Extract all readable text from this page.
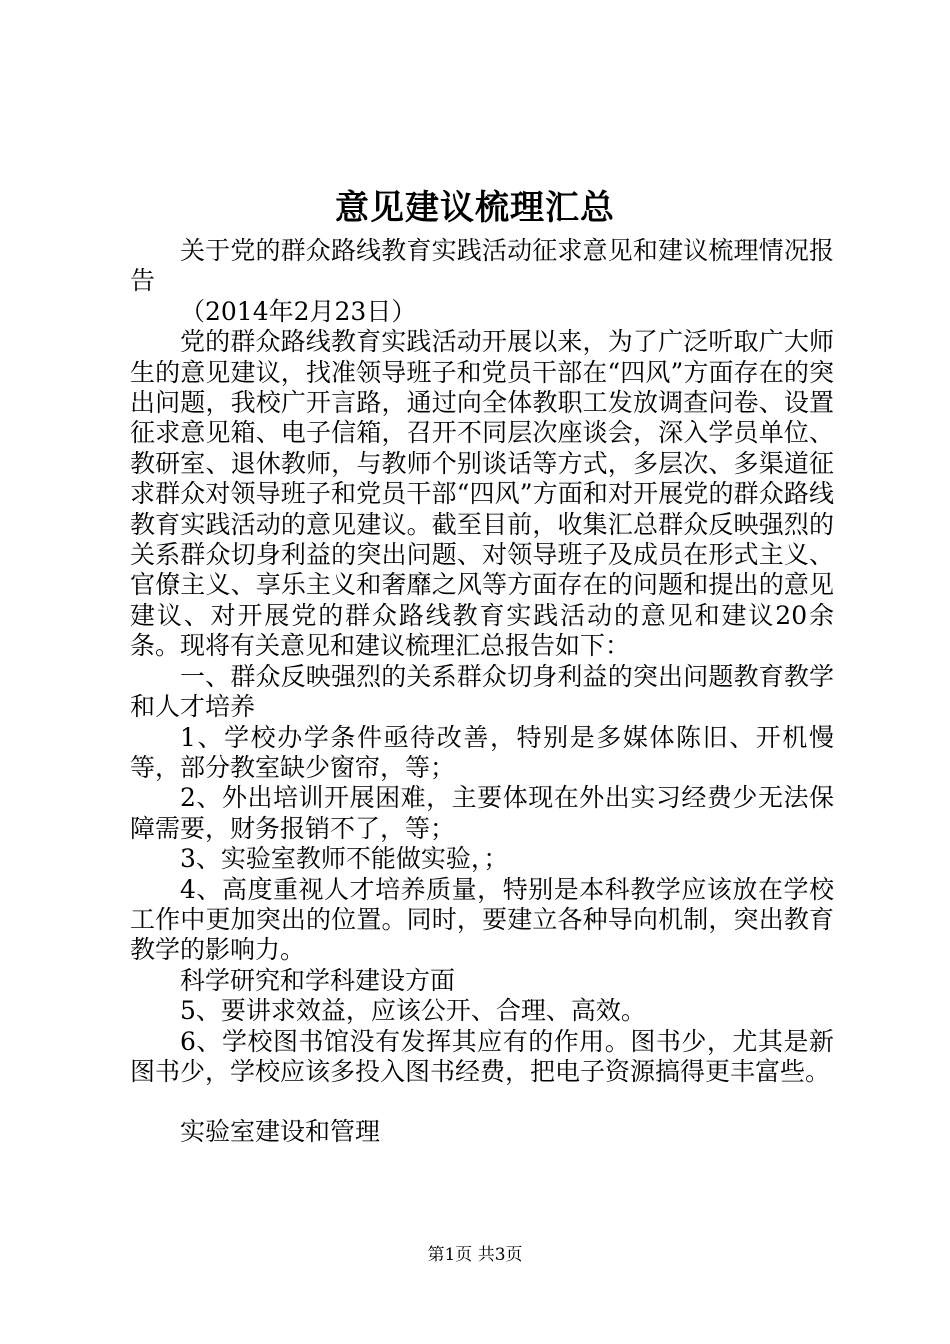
意见建议梳理汇总

关于党的群众路线教育实践活动征求意见和建议梳理情况报告

（2014年2月23日）

党的群众路线教育实践活动开展以来，为了广泛听取广大师生的意见建议，找准领导班子和党员干部在“四风”方面存在的突出问题，我校广开言路，通过向全体教职工发放调查问卷、设置征求意见箱、电子信箱，召开不同层次座谈会，深入学员单位、教研室、退休教师，与教师个别谈话等方式，多层次、多渠道征求群众对领导班子和党员干部“四风”方面和对开展党的群众路线教育实践活动的意见建议。截至目前，收集汇总群众反映强烈的关系群众切身利益的突出问题、对领导班子及成员在形式主义、官僚主义、享乐主义和奢靡之风等方面存在的问题和提出的意见建议、对开展党的群众路线教育实践活动的意见和建议20余条。现将有关意见和建议梳理汇总报告如下：

一、群众反映强烈的关系群众切身利益的突出问题教育教学和人才培养

1、学校办学条件亟待改善，特别是多媒体陈旧、开机慢等，部分教室缺少窗帘，等；

2、外出培训开展困难，主要体现在外出实习经费少无法保障需要，财务报销不了，等；

3、实验室教师不能做实验，；

4、高度重视人才培养质量，特别是本科教学应该放在学校工作中更加突出的位置。同时，要建立各种导向机制，突出教育教学的影响力。

科学研究和学科建设方面

5、要讲求效益，应该公开、合理、高效。

6、学校图书馆没有发挥其应有的作用。图书少，尤其是新图书少，学校应该多投入图书经费，把电子资源搞得更丰富些。

实验室建设和管理

第1页 共3页
